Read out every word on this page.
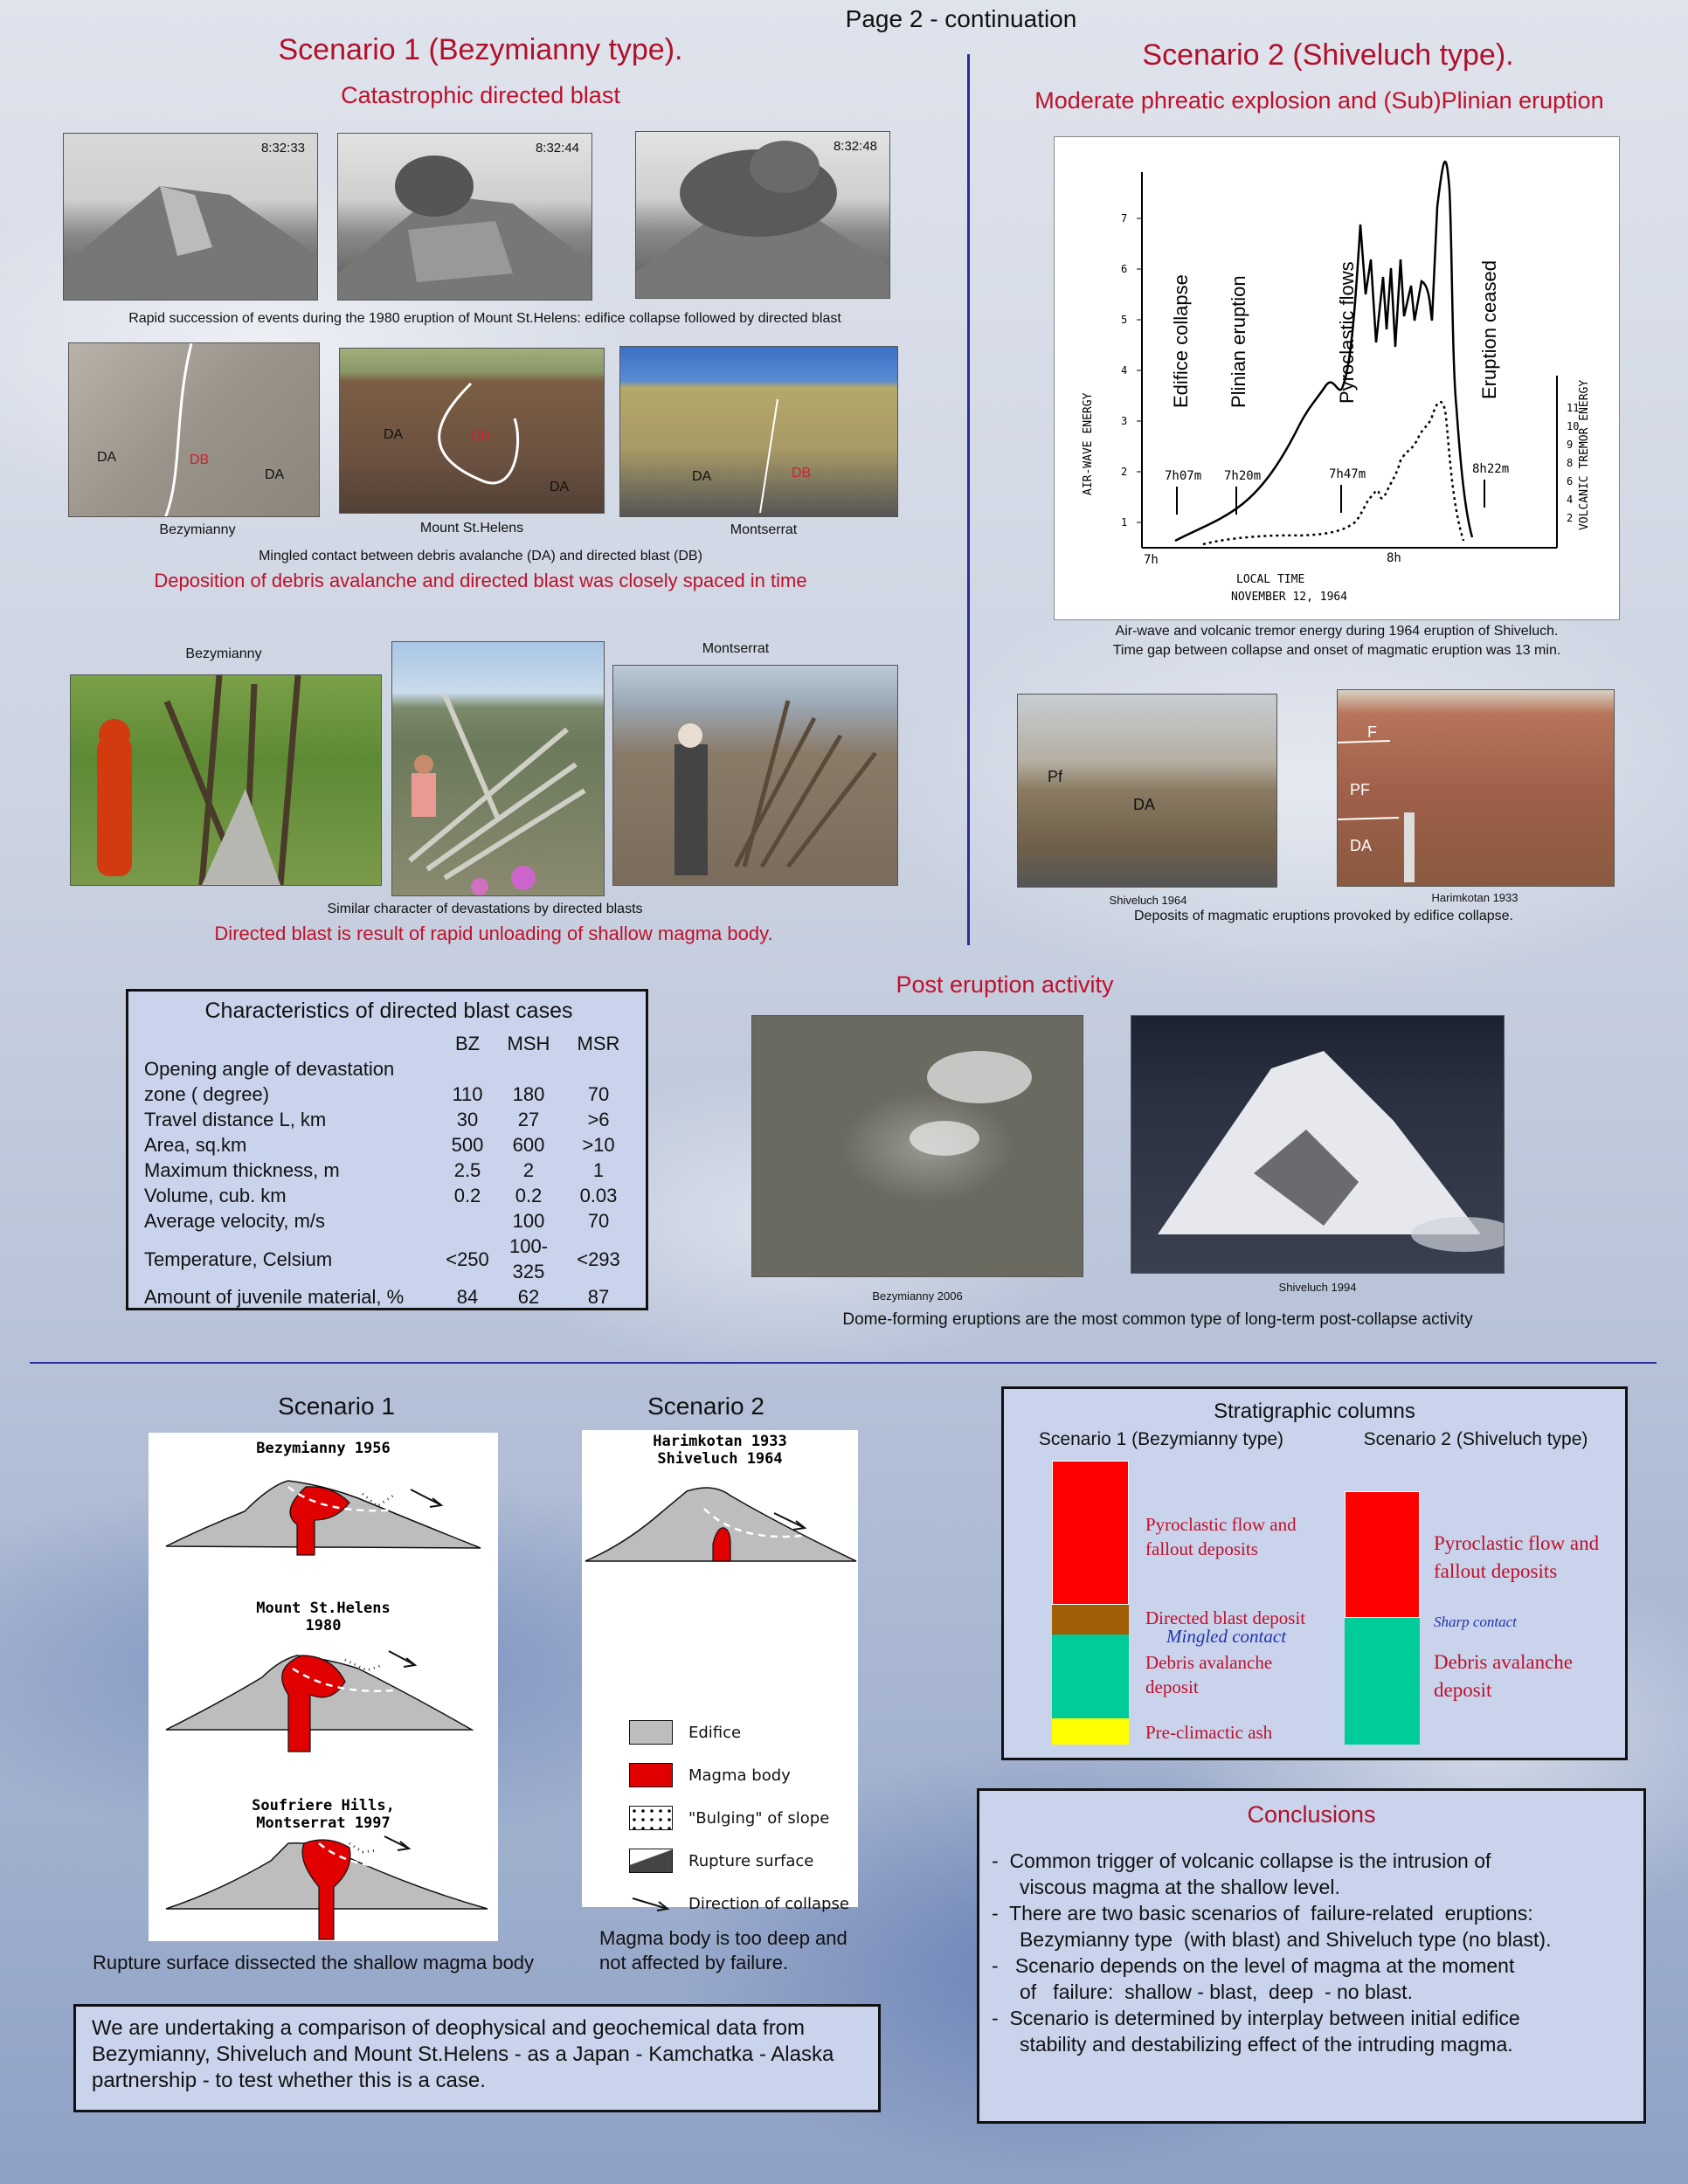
Page 2 - continuation
Scenario 1 (Bezymianny type).
Catastrophic directed blast
8:32:33	8:32:44	8:32:48
Rapid succession of events during the 1980 eruption of Mount St.Helens: edifice collapse followed by directed blast
DA	DB
DA
DA	DB
DA
DA	DB
Bezymianny	Mount St.Helens	Montserrat
Mingled contact between debris avalanche (DA) and directed blast (DB)
Deposition of debris avalanche and directed blast was closely spaced in time
Bezymianny	Montserrat
Similar character of devastations by directed blasts
Directed blast is result of rapid unloading of shallow magma body.
Scenario 2 (Shiveluch type).
Moderate phreatic explosion and (Sub)Plinian eruption
1
2
3
4
5
6
7
2
4
6
8
9
10
11
AIR-WAVE ENERGY	VOLCANIC TREMOR ENERGY
LOCAL TIME
NOVEMBER 12, 1964
7h	8h
Edifice collapse Plinian eruption	Pyroclastic flows	Eruption ceased
7h07m 7h20m	7h47m	8h22m
Air-wave and volcanic tremor energy during 1964 eruption of Shiveluch.
Time gap between collapse and onset of magmatic eruption was 13 min.
Pf
DA
F
PF
DA
Shiveluch 1964	Harimkotan 1933
Deposits of magmatic eruptions provoked by edifice collapse.
Characteristics of directed blast cases
	BZ	MSH	MSR
Opening angle of devastation			
zone ( degree)	110	180	70
Travel distance L, km	30	27	>6
Area, sq.km	500	600	>10
Maximum thickness, m	2.5	2	1
Volume, cub. km	0.2	0.2	0.03
Average velocity, m/s		100	70
Temperature, Celsium	<250	100-325	<293
Amount of juvenile material, %	84	62	87
Post eruption activity
Bezymianny 2006
Shiveluch 1994
Dome-forming eruptions are the most common type of long-term post-collapse activity
Scenario 1
Bezymianny 1956
Mount St.Helens
1980
Soufriere Hills,
Montserrat 1997
Rupture surface dissected the shallow magma body
Scenario 2
Harimkotan 1933
Shiveluch 1964
Edifice
Magma body
"Bulging" of slope
Rupture surface
Direction of collapse
Magma body is too deep and
not affected by failure.
Stratigraphic columns
Scenario 1 (Bezymianny type)	Scenario 2 (Shiveluch type)
Pyroclastic flow and
fallout deposits
Directed blast deposit
Mingled contact
Debris avalanche
deposit
Pre-climactic ash
Pyroclastic flow and
fallout deposits
Sharp contact
Debris avalanche
deposit
We are undertaking a comparison of deophysical and geochemical data from
Bezymianny, Shiveluch and Mount St.Helens - as a Japan - Kamchatka - Alaska
partnership - to test whether this is a case.
Conclusions
-  Common trigger of volcanic collapse is the intrusion of
viscous magma at the shallow level.
-  There are two basic scenarios of  failure-related  eruptions:
Bezymianny type  (with blast) and Shiveluch type (no blast).
-   Scenario depends on the level of magma at the moment
of   failure:  shallow - blast,  deep  - no blast.
-  Scenario is determined by interplay between initial edifice
stability and destabilizing effect of the intruding magma.
